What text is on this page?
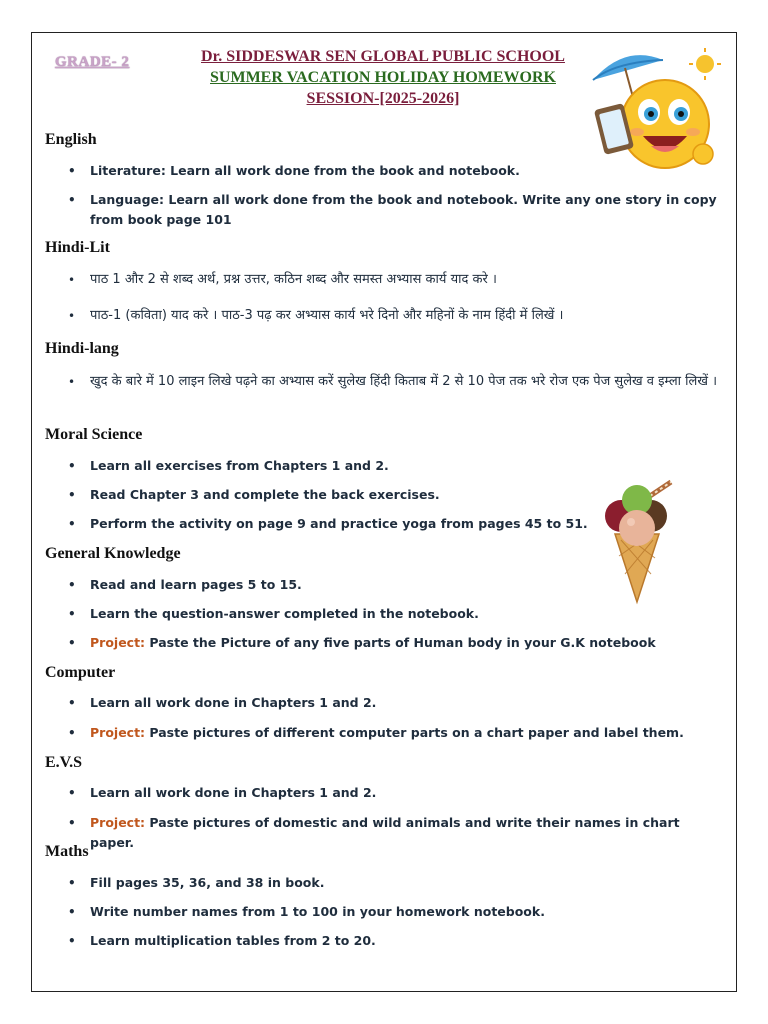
GRADE- 2	Dr. SIDDESWAR SEN GLOBAL PUBLIC SCHOOL
SUMMER VACATION HOLIDAY HOMEWORK
SESSION-[2025-2026]
English
• Literature: Learn all work done from the book and notebook.
• Language: Learn all work done from the book and notebook. Write any one story in copy from book page 101
Hindi-Lit
• पाठ 1 और 2 से शब्द अर्थ, प्रश्न उत्तर, कठिन शब्द और समस्त अभ्यास कार्य याद करे ।
• पाठ-1 (कविता) याद करे । पाठ-3 पढ़ कर अभ्यास कार्य भरे दिनो और महिनों के नाम हिंदी में लिखें ।
Hindi-lang
• खुद के बारे में 10 लाइन लिखे पढ़ने का अभ्यास करें सुलेख हिंदी किताब में 2 से 10 पेज तक भरे रोज एक पेज सुलेख व इम्ला लिखें ।
Moral Science
• Learn all exercises from Chapters 1 and 2.
• Read Chapter 3 and complete the back exercises.
• Perform the activity on page 9 and practice yoga from pages 45 to 51.
General Knowledge
• Read and learn pages 5 to 15.
• Learn the question-answer completed in the notebook.
• Project: Paste the Picture of any five parts of Human body in your G.K notebook
Computer
• Learn all work done in Chapters 1 and 2.
• Project: Paste pictures of different computer parts on a chart paper and label them.
E.V.S
• Learn all work done in Chapters 1 and 2.
• Project: Paste pictures of domestic and wild animals and write their names in chart paper.
Maths
• Fill pages 35, 36, and 38 in book.
• Write number names from 1 to 100 in your homework notebook.
• Learn multiplication tables from 2 to 20.
